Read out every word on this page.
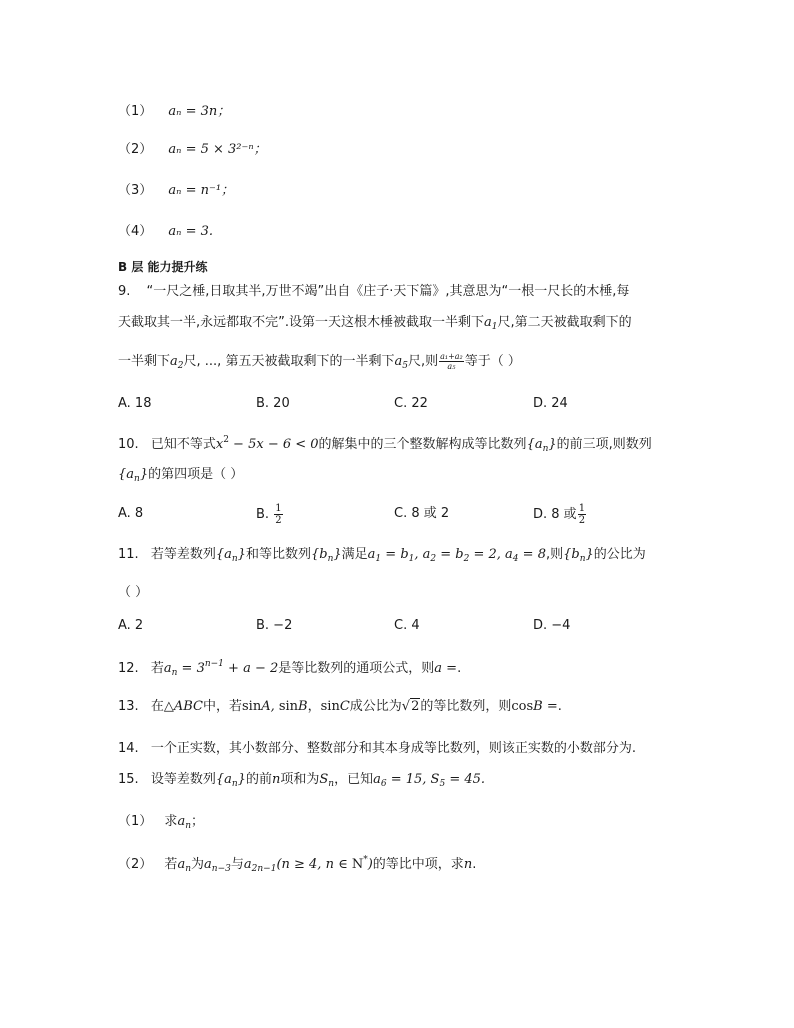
（1） aₙ = 3n；
（2） aₙ = 5 × 3²⁻ⁿ；
（3） aₙ = n⁻¹；
（4） aₙ = 3.
B 层 能力提升练
9. “一尺之棰,日取其半,万世不竭”出自《庄子·天下篇》,其意思为“一根一尺长的木棰,每
天截取其一半,永远都取不完”.设第一天这根木棰被截取一半剩下$a_1$尺,第二天被截取剩下的
一半剩下$a_2$尺, ..., 第五天被截取剩下的一半剩下$a_5$尺,则 $\frac{\text{a₁+a₂}}{\text{a₅}}$ 等于（ ）
A. 18	B. 20	C. 22	D. 24
10. 已知不等式$x^2 - 5x - 6 < 0$的解集中的三个整数解构成等比数列$\{a_n\}$的前三项,则数列
$\{a_n\}$的第四项是（ ）
A. 8	B. $\frac{1}{2}$	C. 8 或 2	D. 8 或 $\frac{1}{2}$
11. 若等差数列$\{a_n\}$和等比数列$\{b_n\}$满足$a_1 = b_1$, $a_2 = b_2 = 2$, $a_4 = 8$,则$\{b_n\}$的公比为
（ ）
A. 2	B. −2	C. 4	D. −4
12. 若$a_n = 3^{n-1} + a - 2$是等比数列的通项公式，则a =.
13. 在△ABC中，若sinA, sinB，sinC成公比为√2的等比数列，则cosB =.
14. 一个正实数，其小数部分、整数部分和其本身成等比数列，则该正实数的小数部分为.
15. 设等差数列$\{a_n\}$的前n项和为$S_n$，已知$a_6 = 15$, $S_5 = 45$.
（1） 求$a_n$；
（2） 若$a_n$为$a_{n-3}$与$a_{2n-1}(n \ge 4$, n ∈ N*)的等比中项，求n.
